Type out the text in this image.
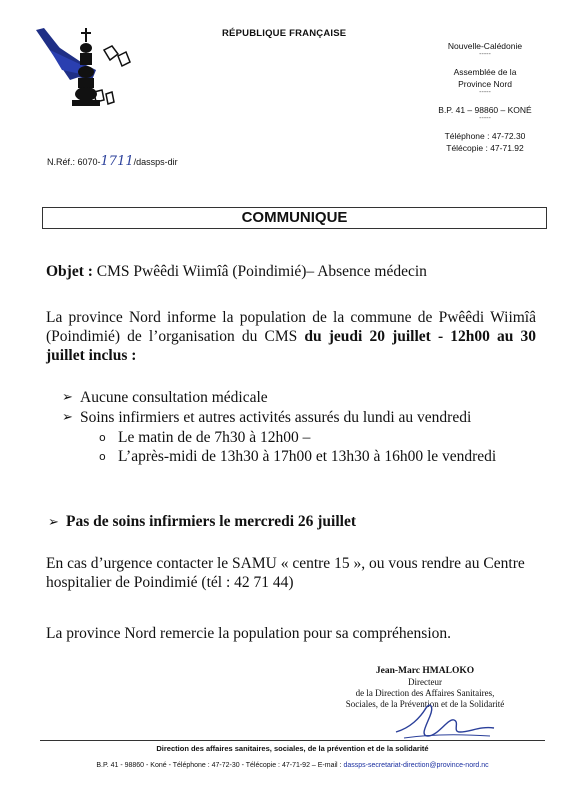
RÉPUBLIQUE FRANÇAISE
Nouvelle-Calédonie
-----
Assemblée de la
Province Nord
-----
B.P. 41 – 98860 – KONÉ
-----
Téléphone : 47-72.30
Télécopie : 47-71.92
N.Réf.: 6070-1711/dassps-dir
COMMUNIQUE
Objet : CMS Pwêêdi Wiimîâ (Poindimié)– Absence médecin
La province Nord informe la population de la commune de Pwêêdi Wiimîâ (Poindimié) de l’organisation du CMS du jeudi 20 juillet - 12h00 au 30 juillet inclus :
➢ Aucune consultation médicale
➢ Soins infirmiers et autres activités assurés du lundi au vendredi
o Le matin de de 7h30 à 12h00 –
o L’après-midi de 13h30 à 17h00 et 13h30 à 16h00 le vendredi
➢ Pas de soins infirmiers le mercredi 26 juillet
En cas d’urgence contacter le SAMU « centre 15 », ou vous rendre au Centre hospitalier de Poindimié (tél : 42 71 44)
La province Nord remercie la population pour sa compréhension.
Jean-Marc HMALOKO
Directeur
de la Direction des Affaires Sanitaires,
Sociales, de la Prévention et de la Solidarité
Direction des affaires sanitaires, sociales, de la prévention et de la solidarité
B.P. 41 - 98860 - Koné - Téléphone : 47-72-30 - Télécopie : 47-71-92 – E-mail : dassps-secretariat-direction@province-nord.nc
